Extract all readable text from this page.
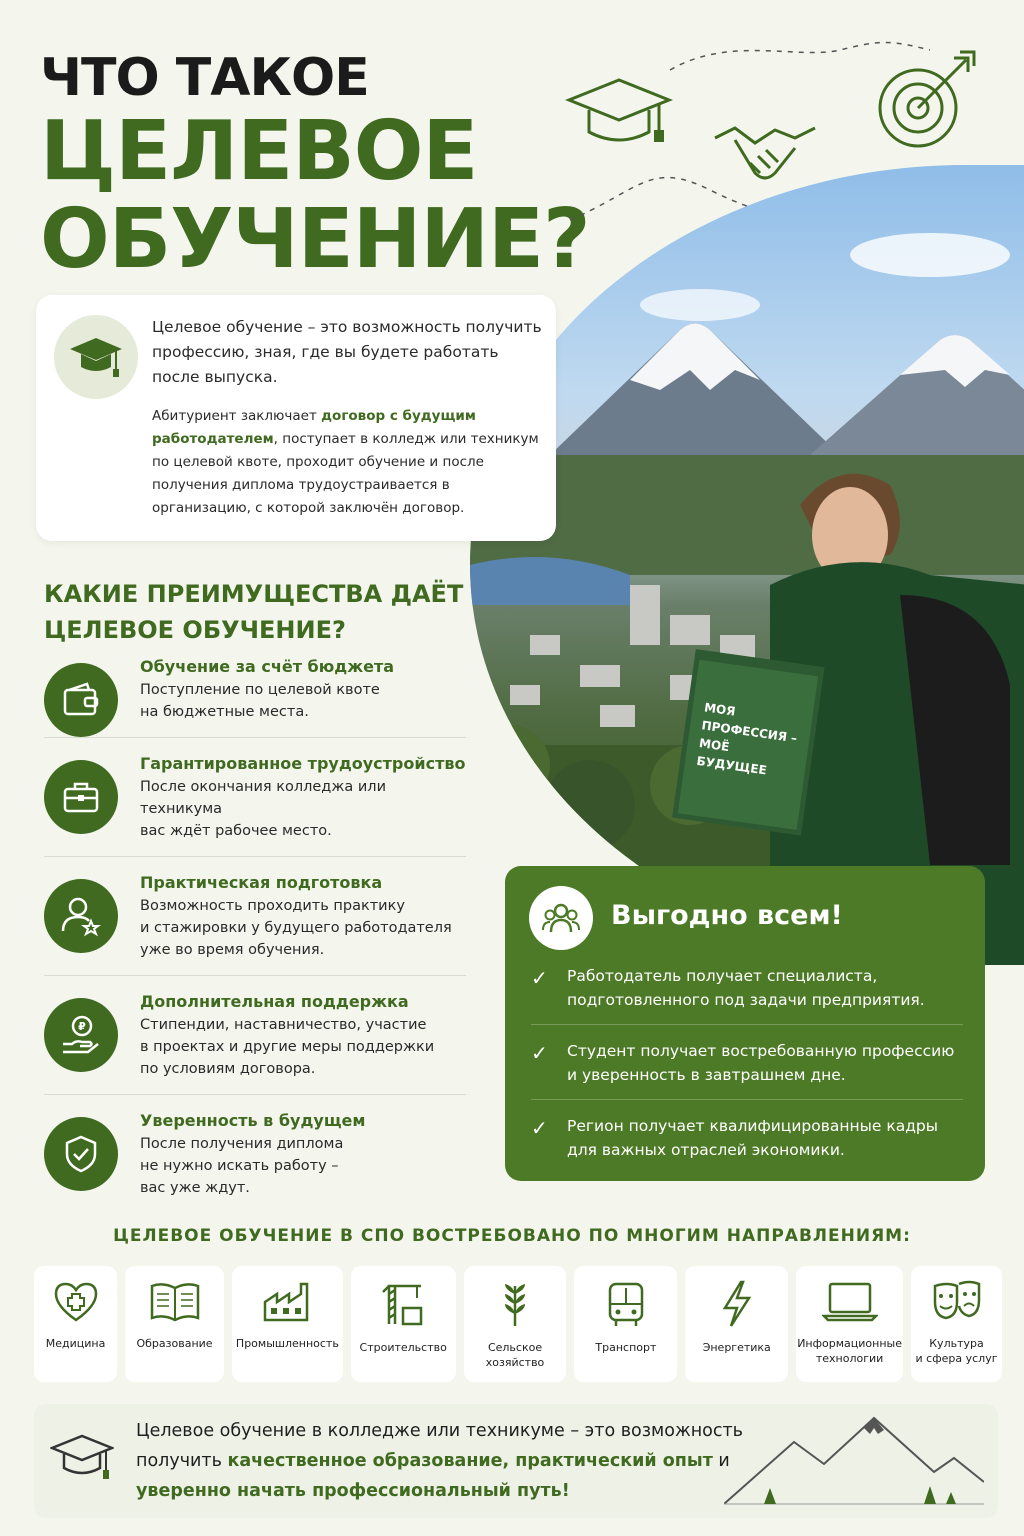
ЧТО ТАКОЕ
ЦЕЛЕВОЕ
ОБУЧЕНИЕ?
МОЯ ПРОФЕССИЯ – МОЁ БУДУЩЕЕ
Целевое обучение – это возможность получить профессию, зная, где вы будете работать после выпуска.
Абитуриент заключает договор с будущим работодателем, поступает в колледж или техникум по целевой квоте, проходит обучение и после получения диплома трудоустраивается в организацию, с которой заключён договор.
КАКИЕ ПРЕИМУЩЕСТВА ДАЁТ ЦЕЛЕВОЕ ОБУЧЕНИЕ?
Обучение за счёт бюджета
Поступление по целевой квоте
на бюджетные места.
Гарантированное трудоустройство
После окончания колледжа или техникума
вас ждёт рабочее место.
Практическая подготовка
Возможность проходить практику
и стажировки у будущего работодателя
уже во время обучения.
₽
Дополнительная поддержка
Стипендии, наставничество, участие
в проектах и другие меры поддержки
по условиям договора.
Уверенность в будущем
После получения диплома
не нужно искать работу –
вас уже ждут.
Выгодно всем!
✓ Работодатель получает специалиста, подготовленного под задачи предприятия.
✓ Студент получает востребованную профессию и уверенность в завтрашнем дне.
✓ Регион получает квалифицированные кадры для важных отраслей экономики.
ЦЕЛЕВОЕ ОБУЧЕНИЕ В СПО ВОСТРЕБОВАНО ПО МНОГИМ НАПРАВЛЕНИЯМ:
Медицина	Образование Промышленность Строительство	Сельское
хозяйство
Транспорт	Энергетика Информационные
технологии
Культура
и сфера услуг
Целевое обучение в колледже или техникуме – это возможность получить качественное образование, практический опыт и уверенно начать профессиональный путь!
